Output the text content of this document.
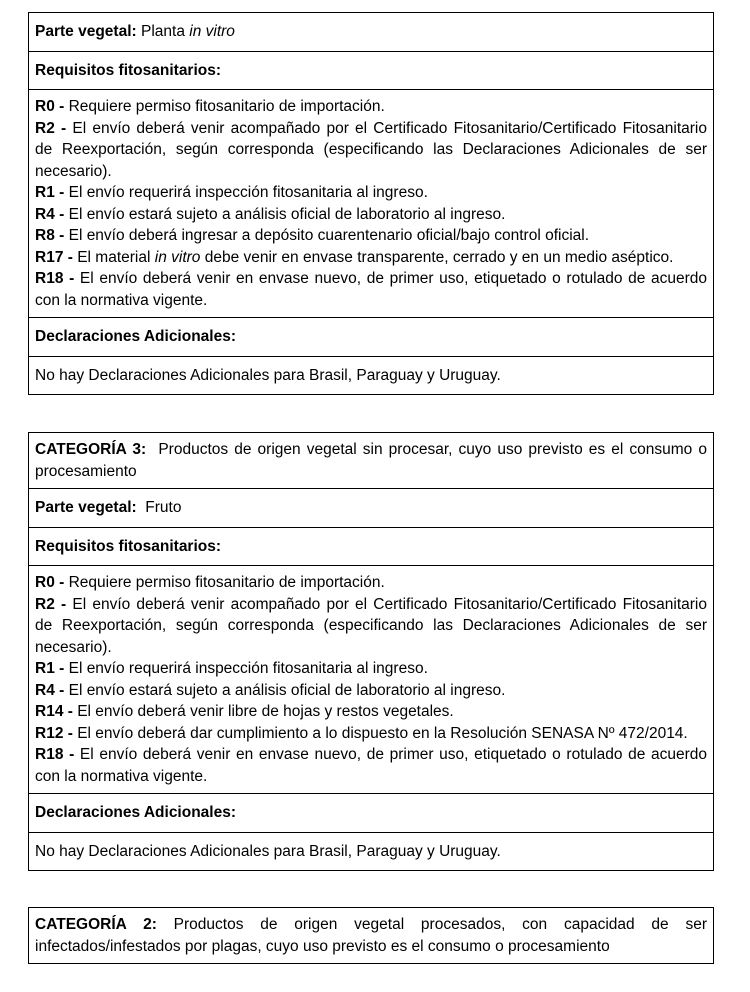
Parte vegetal: Planta in vitro
Requisitos fitosanitarios:
R0 - Requiere permiso fitosanitario de importación.
R2 - El envío deberá venir acompañado por el Certificado Fitosanitario/Certificado Fitosanitario de Reexportación, según corresponda (especificando las Declaraciones Adicionales de ser necesario).
R1 - El envío requerirá inspección fitosanitaria al ingreso.
R4 - El envío estará sujeto a análisis oficial de laboratorio al ingreso.
R8 - El envío deberá ingresar a depósito cuarentenario oficial/bajo control oficial.
R17 - El material in vitro debe venir en envase transparente, cerrado y en un medio aséptico.
R18 - El envío deberá venir en envase nuevo, de primer uso, etiquetado o rotulado de acuerdo con la normativa vigente.
Declaraciones Adicionales:
No hay Declaraciones Adicionales para Brasil, Paraguay y Uruguay.
CATEGORÍA 3:  Productos de origen vegetal sin procesar, cuyo uso previsto es el consumo o procesamiento
Parte vegetal:  Fruto
Requisitos fitosanitarios:
R0 - Requiere permiso fitosanitario de importación.
R2 - El envío deberá venir acompañado por el Certificado Fitosanitario/Certificado Fitosanitario de Reexportación, según corresponda (especificando las Declaraciones Adicionales de ser necesario).
R1 - El envío requerirá inspección fitosanitaria al ingreso.
R4 - El envío estará sujeto a análisis oficial de laboratorio al ingreso.
R14 - El envío deberá venir libre de hojas y restos vegetales.
R12 - El envío deberá dar cumplimiento a lo dispuesto en la Resolución SENASA Nº 472/2014.
R18 - El envío deberá venir en envase nuevo, de primer uso, etiquetado o rotulado de acuerdo con la normativa vigente.
Declaraciones Adicionales:
No hay Declaraciones Adicionales para Brasil, Paraguay y Uruguay.
CATEGORÍA 2: Productos de origen vegetal procesados, con capacidad de ser infectados/infestados por plagas, cuyo uso previsto es el consumo o procesamiento
